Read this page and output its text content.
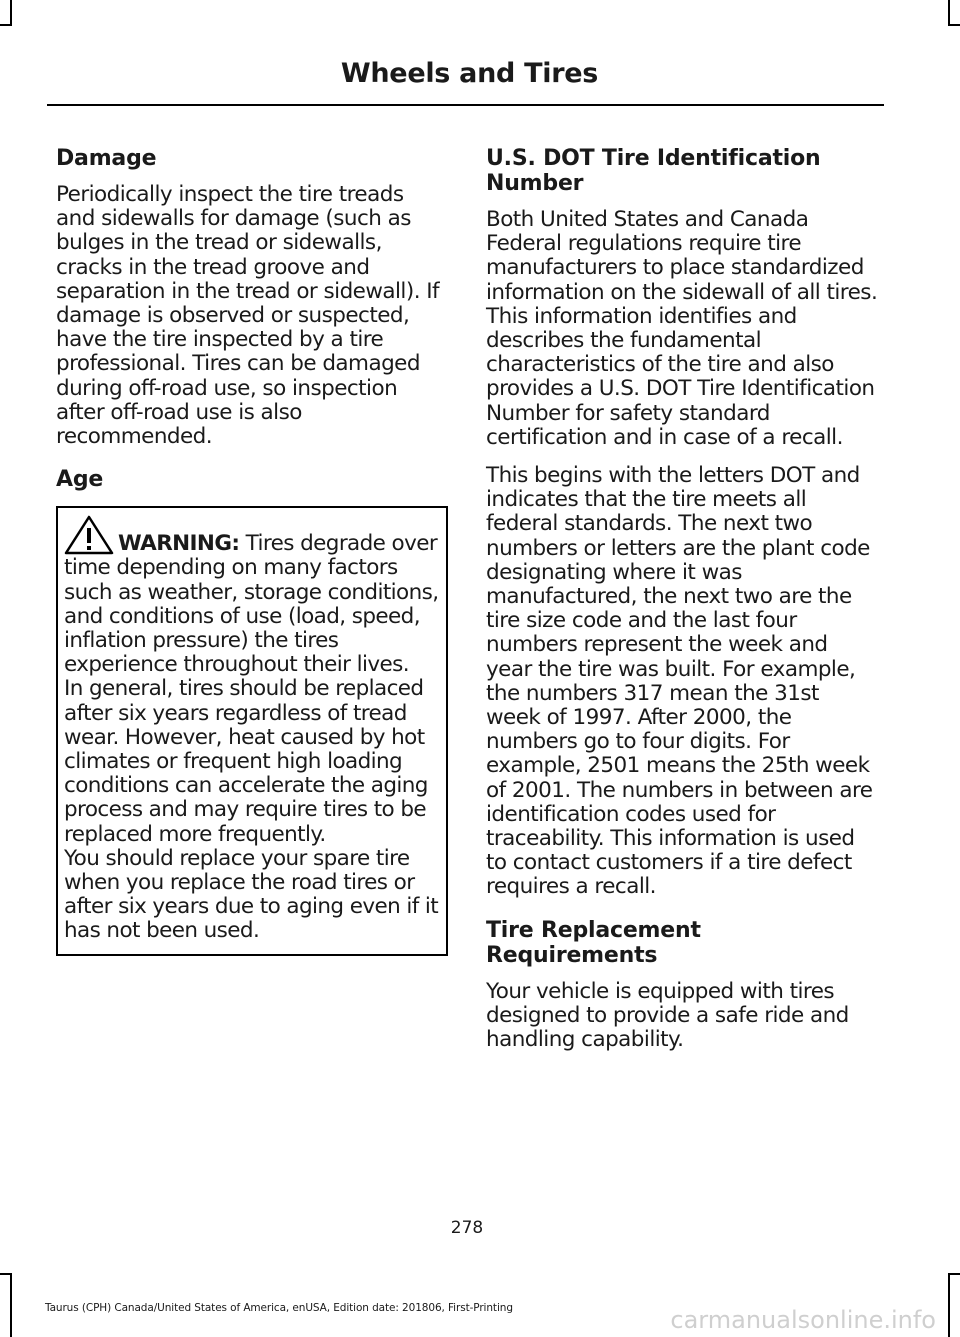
Wheels and Tires
Damage

Periodically inspect the tire treads and sidewalls for damage (such as bulges in the tread or sidewalls, cracks in the tread groove and separation in the tread or sidewall). If damage is observed or suspected, have the tire inspected by a tire professional. Tires can be damaged during off-road use, so inspection after off-road use is also recommended.

Age

WARNING: Tires degrade over time depending on many factors such as weather, storage conditions, and conditions of use (load, speed, inflation pressure) the tires experience throughout their lives.

In general, tires should be replaced after six years regardless of tread wear. However, heat caused by hot climates or frequent high loading conditions can accelerate the aging process and may require tires to be replaced more frequently.

You should replace your spare tire when you replace the road tires or after six years due to aging even if it has not been used.

U.S. DOT Tire Identification Number

Both United States and Canada Federal regulations require tire manufacturers to place standardized information on the sidewall of all tires. This information identifies and describes the fundamental characteristics of the tire and also provides a U.S. DOT Tire Identification Number for safety standard certification and in case of a recall.

This begins with the letters DOT and indicates that the tire meets all federal standards. The next two numbers or letters are the plant code designating where it was manufactured, the next two are the tire size code and the last four numbers represent the week and year the tire was built. For example, the numbers 317 mean the 31st week of 1997. After 2000, the numbers go to four digits. For example, 2501 means the 25th week of 2001. The numbers in between are identification codes used for traceability. This information is used to contact customers if a tire defect requires a recall.

Tire Replacement Requirements

Your vehicle is equipped with tires designed to provide a safe ride and handling capability.

278
Taurus (CPH) Canada/United States of America, enUSA, Edition date: 201806, First-Printing	carmanualsonline.info
